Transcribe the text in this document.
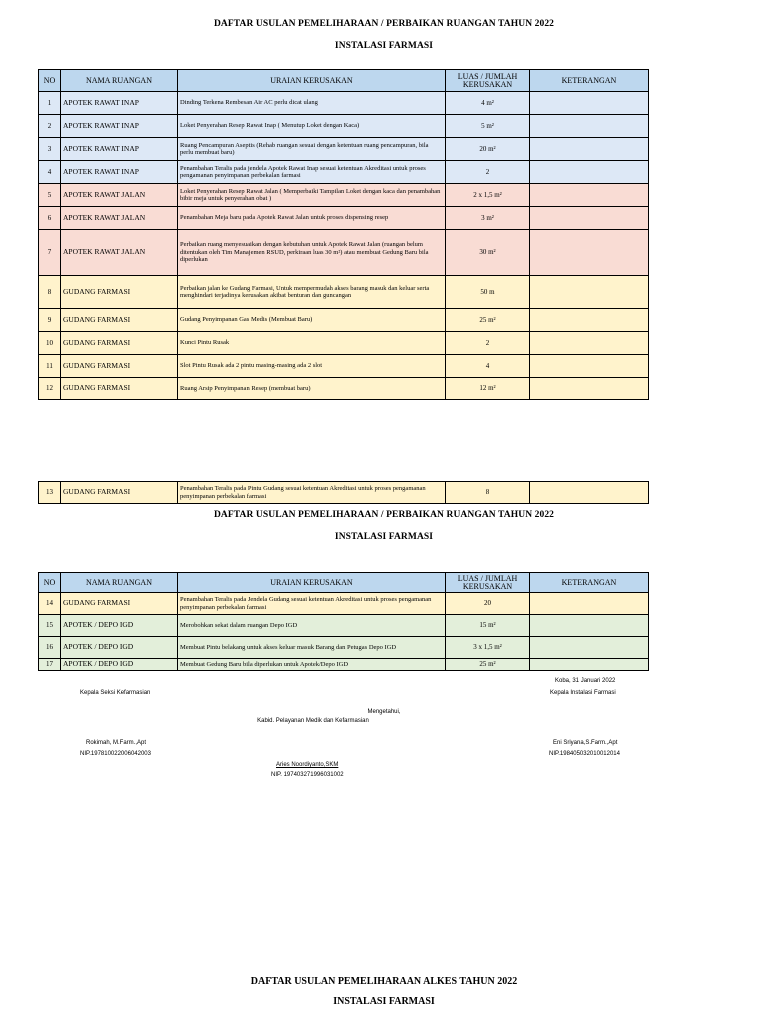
DAFTAR USULAN PEMELIHARAAN / PERBAIKAN RUANGAN TAHUN 2022
INSTALASI FARMASI
NO	NAMA RUANGAN	URAIAN KERUSAKAN	LUAS / JUMLAH
KERUSAKAN	KETERANGAN
1	APOTEK RAWAT INAP	Dinding Terkena Rembesan Air AC perlu dicat ulang	4 m²	
2	APOTEK RAWAT INAP	Loket Penyerahan Resep Rawat Inap ( Menutup Loket dengan Kaca)	5 m²	
3	APOTEK RAWAT INAP	Ruang Pencampuran Aseptis (Rehab ruangan sesuai dengan ketentuan ruang pencampuran, bila perlu membuat baru)	20 m²	
4	APOTEK RAWAT INAP	Penambahan Teralis pada jendela Apotek Rawat Inap sesuai ketentuan Akreditasi untuk proses pengamanan penyimpanan perbekalan farmasi	2	
5	APOTEK RAWAT JALAN	Loket Penyerahan Resep Rawat Jalan ( Memperbaiki Tampilan Loket dengan kaca dan penambahan bibir meja untuk penyerahan obat )	2 x 1,5 m²	
6	APOTEK RAWAT JALAN	Penambahan Meja baru pada Apotek Rawat Jalan untuk proses dispensing resep	3 m²	
7	APOTEK RAWAT JALAN	Perbaikan ruang menyesuaikan dengan kebutuhan untuk Apotek Rawat Jalan (ruangan belum ditentukan oleh Tim Manajemen RSUD, perkiraan luas 30 m²) atau membuat Gedung Baru bila diperlukan	30 m²	
8	GUDANG FARMASI	Perbaikan jalan ke Gudang Farmasi, Untuk mempermudah akses barang masuk dan keluar serta menghindari terjadinya kerusakan akibat benturan dan guncangan	50 m	
9	GUDANG FARMASI	Gudang Penyimpanan Gas Medis (Membuat Baru)	25 m²	
10	GUDANG FARMASI	Kunci Pintu Rusak	2	
11	GUDANG FARMASI	Slot Pintu Rusak ada 2 pintu masing-masing ada 2 slot	4	
12	GUDANG FARMASI	Ruang Arsip Penyimpanan Resep (membuat baru)	12 m²	
13	GUDANG FARMASI	Penambahan Teralis pada Pintu Gudang sesuai ketentuan Akreditasi untuk proses pengamanan penyimpanan perbekalan farmasi	8	
DAFTAR USULAN PEMELIHARAAN / PERBAIKAN RUANGAN TAHUN 2022
INSTALASI FARMASI
NO	NAMA RUANGAN	URAIAN KERUSAKAN	LUAS / JUMLAH
KERUSAKAN	KETERANGAN
14	GUDANG FARMASI	Penambahan Teralis pada Jendela Gudang sesuai ketentuan Akreditasi untuk proses pengamanan penyimpanan perbekalan farmasi	20	
15	APOTEK / DEPO IGD	Merobohkan sekat dalam ruangan Depo IGD	15 m²	
16	APOTEK / DEPO IGD	Membuat Pintu belakang untuk akses keluar masuk Barang dan Petugas Depo IGD	3 x 1,5 m²	
17	APOTEK / DEPO IGD	Membuat Gedung Baru bila diperlukan untuk Apotek/Depo IGD	25 m²	
Koba, 31 Januari 2022
Kepala Instalasi Farmasi
Kepala Seksi Kefarmasian
Mengetahui,
Kabid. Pelayanan Medik dan Kefarmasian
Rokimah, M.Farm.,Apt
NIP.197810022006042003
Eni Sriyana,S.Farm.,Apt
NIP.198405032010012014
Aries Noordiyanto,SKM
NIP. 197403271996031002
DAFTAR USULAN PEMELIHARAAN ALKES TAHUN 2022
INSTALASI FARMASI
